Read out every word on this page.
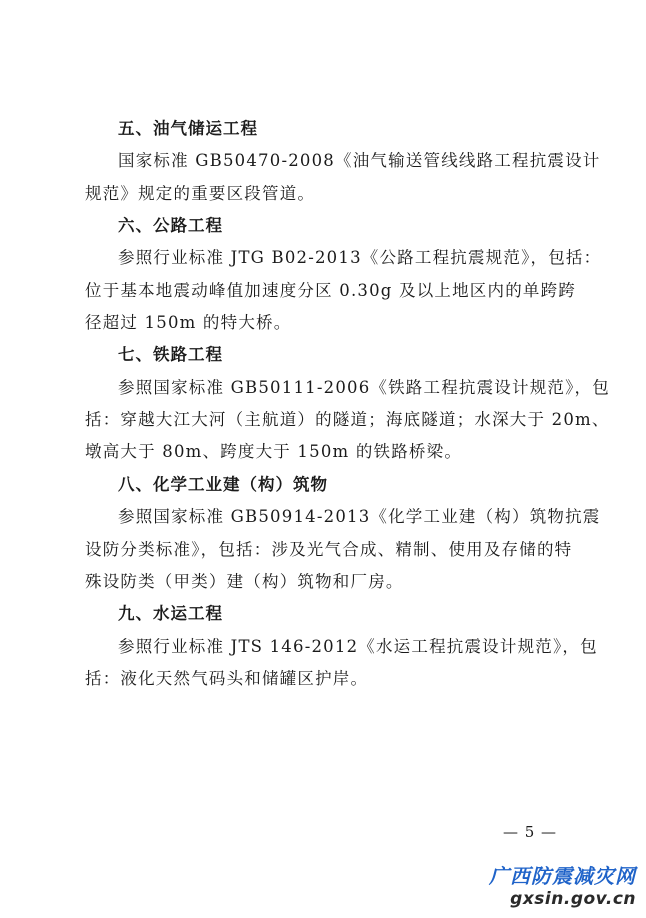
五、油气储运工程
国家标准 GB50470-2008《油气输送管线线路工程抗震设计
规范》规定的重要区段管道。
六、公路工程
参照行业标准 JTG B02-2013《公路工程抗震规范》，包括：
位于基本地震动峰值加速度分区 0.30g 及以上地区内的单跨跨
径超过 150m 的特大桥。
七、铁路工程
参照国家标准 GB50111-2006《铁路工程抗震设计规范》，包
括：穿越大江大河（主航道）的隧道；海底隧道；水深大于 20m、
墩高大于 80m、跨度大于 150m 的铁路桥梁。
八、化学工业建（构）筑物
参照国家标准 GB50914-2013《化学工业建（构）筑物抗震
设防分类标准》，包括：涉及光气合成、精制、使用及存储的特
殊设防类（甲类）建（构）筑物和厂房。
九、水运工程
参照行业标准 JTS 146-2012《水运工程抗震设计规范》，包
括：液化天然气码头和储罐区护岸。
— 5 —
广西防震减灾网
gxsin.gov.cn
